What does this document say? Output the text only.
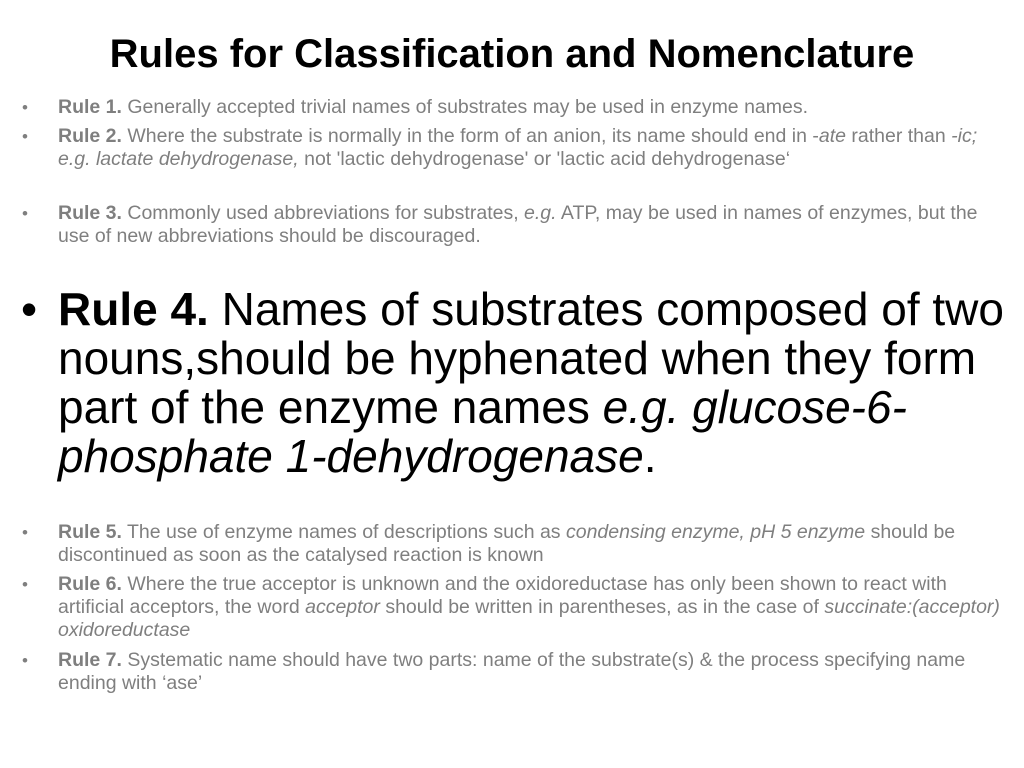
Rules for Classification and Nomenclature

• Rule 1. Generally accepted trivial names of substrates may be used in enzyme names.

• Rule 2. Where the substrate is normally in the form of an anion, its name should end in -ate rather than -ic; e.g. lactate dehydrogenase, not 'lactic dehydrogenase' or 'lactic acid dehydrogenase‘

• Rule 3. Commonly used abbreviations for substrates, e.g. ATP, may be used in names of enzymes, but the use of new abbreviations should be discouraged.

• Rule 4. Names of substrates composed of two nouns,should be hyphenated when they form part of the enzyme names e.g. glucose-6-phosphate 1-dehydrogenase.

• Rule 5. The use of enzyme names of descriptions such as condensing enzyme, pH 5 enzyme should be discontinued as soon as the catalysed reaction is known

• Rule 6. Where the true acceptor is unknown and the oxidoreductase has only been shown to react with artificial acceptors, the word acceptor should be written in parentheses, as in the case of succinate:(acceptor) oxidoreductase

• Rule 7. Systematic name should have two parts: name of the substrate(s) & the process specifying name ending with ‘ase’
